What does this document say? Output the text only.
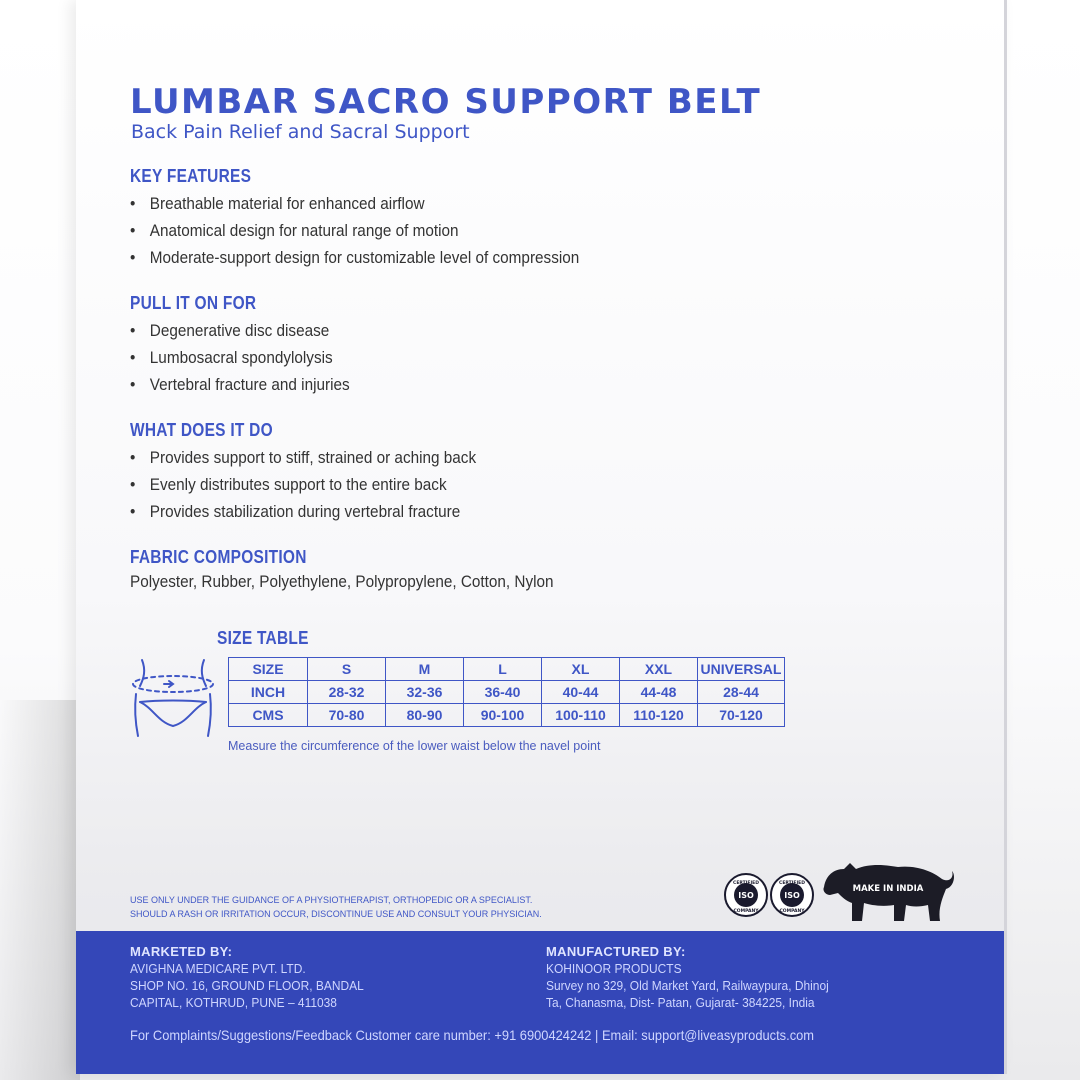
LUMBAR SACRO SUPPORT BELT

Back Pain Relief and Sacral Support

KEY FEATURES
• Breathable material for enhanced airflow
• Anatomical design for natural range of motion
• Moderate-support design for customizable level of compression
PULL IT ON FOR
• Degenerative disc disease
• Lumbosacral spondylolysis
• Vertebral fracture and injuries
WHAT DOES IT DO
• Provides support to stiff, strained or aching back
• Evenly distributes support to the entire back
• Provides stabilization during vertebral fracture
FABRIC COMPOSITION

Polyester, Rubber, Polyethylene, Polypropylene, Cotton, Nylon

SIZE TABLE
SIZE	S	M	L	XL	XXL	UNIVERSAL
INCH	28-32	32-36	36-40	40-44	44-48	28-44
CMS	70-80	80-90	90-100	100-110	110-120	70-120

Measure the circumference of the lower waist below the navel point

USE ONLY UNDER THE GUIDANCE OF A PHYSIOTHERAPIST, ORTHOPEDIC OR A SPECIALIST.
SHOULD A RASH OR IRRITATION OCCUR, DISCONTINUE USE AND CONSULT YOUR PHYSICIAN.
CERTIFIED
ISO
COMPANY
CERTIFIED
ISO
COMPANY
MAKE IN INDIA

MARKETED BY:

AVIGHNA MEDICARE PVT. LTD.
SHOP NO. 16, GROUND FLOOR, BANDAL
CAPITAL, KOTHRUD, PUNE – 411038

MANUFACTURED BY:

KOHINOOR PRODUCTS
Survey no 329, Old Market Yard, Railwaypura, Dhinoj
Ta, Chanasma, Dist- Patan, Gujarat- 384225, India

For Complaints/Suggestions/Feedback Customer care number: +91 6900424242 | Email: support@liveasyproducts.com
